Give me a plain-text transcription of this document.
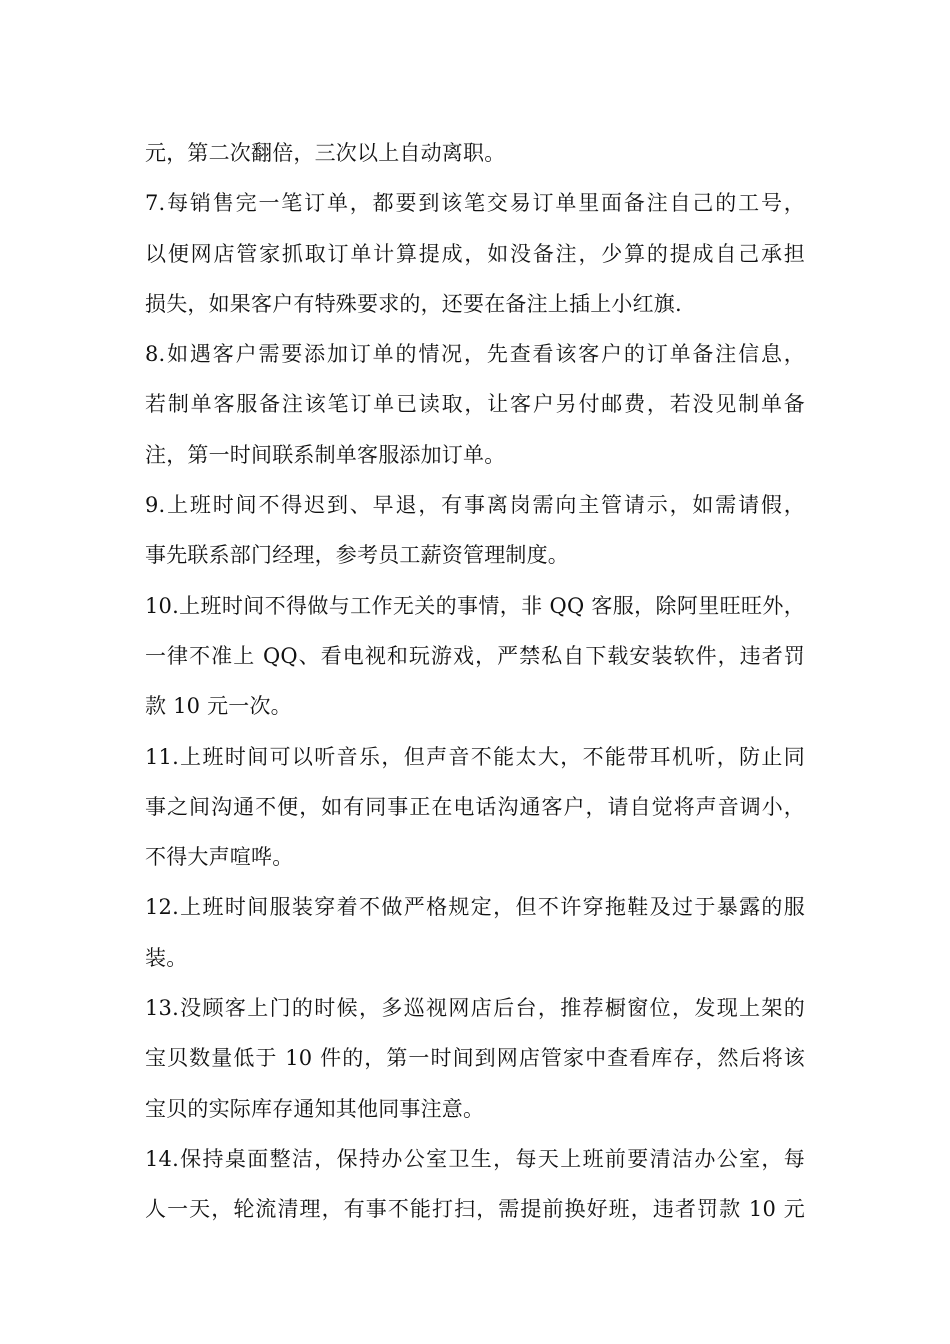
元，第二次翻倍，三次以上自动离职。
7.每销售完一笔订单，都要到该笔交易订单里面备注自己的工号，
以便网店管家抓取订单计算提成，如没备注，少算的提成自己承担
损失，如果客户有特殊要求的，还要在备注上插上小红旗.
8.如遇客户需要添加订单的情况，先查看该客户的订单备注信息，
若制单客服备注该笔订单已读取，让客户另付邮费，若没见制单备
注，第一时间联系制单客服添加订单。
9.上班时间不得迟到、早退，有事离岗需向主管请示，如需请假，
事先联系部门经理，参考员工薪资管理制度。
10.上班时间不得做与工作无关的事情，非 QQ 客服，除阿里旺旺外，
一律不准上 QQ、看电视和玩游戏，严禁私自下载安装软件，违者罚
款 10 元一次。
11.上班时间可以听音乐，但声音不能太大，不能带耳机听，防止同
事之间沟通不便，如有同事正在电话沟通客户，请自觉将声音调小，
不得大声喧哗。
12.上班时间服装穿着不做严格规定，但不许穿拖鞋及过于暴露的服
装。
13.没顾客上门的时候，多巡视网店后台，推荐橱窗位，发现上架的
宝贝数量低于 10 件的，第一时间到网店管家中查看库存，然后将该
宝贝的实际库存通知其他同事注意。
14.保持桌面整洁，保持办公室卫生，每天上班前要清洁办公室，每
人一天，轮流清理，有事不能打扫，需提前换好班，违者罚款 10 元
